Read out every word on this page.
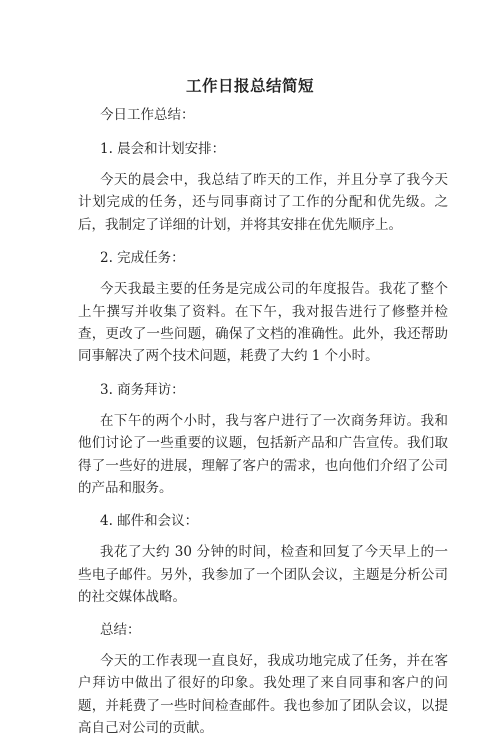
工作日报总结简短

今日工作总结：

1. 晨会和计划安排：

今天的晨会中，我总结了昨天的工作，并且分享了我今天计划完成的任务，还与同事商讨了工作的分配和优先级。之后，我制定了详细的计划，并将其安排在优先顺序上。

2. 完成任务：

今天我最主要的任务是完成公司的年度报告。我花了整个上午撰写并收集了资料。在下午，我对报告进行了修整并检查，更改了一些问题，确保了文档的准确性。此外，我还帮助同事解决了两个技术问题，耗费了大约 1 个小时。

3. 商务拜访：

在下午的两个小时，我与客户进行了一次商务拜访。我和他们讨论了一些重要的议题，包括新产品和广告宣传。我们取得了一些好的进展，理解了客户的需求，也向他们介绍了公司的产品和服务。

4. 邮件和会议：

我花了大约 30 分钟的时间，检查和回复了今天早上的一些电子邮件。另外，我参加了一个团队会议，主题是分析公司的社交媒体战略。

总结：

今天的工作表现一直良好，我成功地完成了任务，并在客户拜访中做出了很好的印象。我处理了来自同事和客户的问题，并耗费了一些时间检查邮件。我也参加了团队会议，以提高自己对公司的贡献。
